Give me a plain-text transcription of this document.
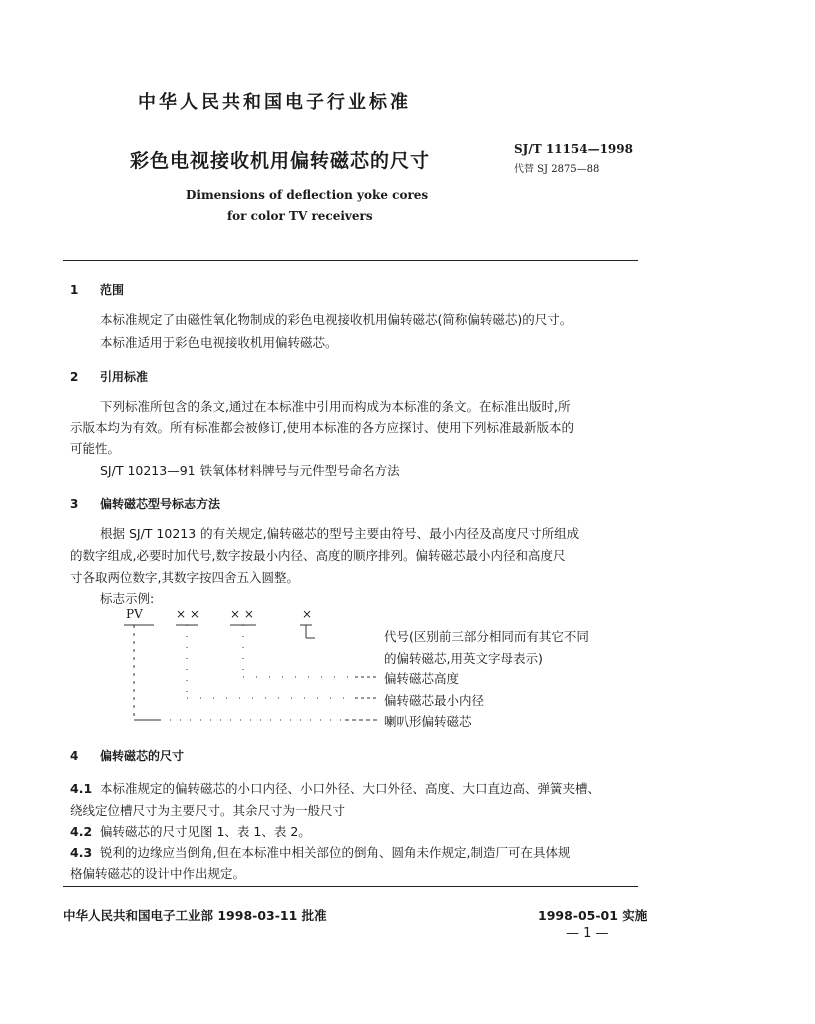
中华人民共和国电子行业标准
彩色电视接收机用偏转磁芯的尺寸
SJ/T 11154—1998
代替 SJ 2875—88
Dimensions of deflection yoke cores
for color TV receivers
1 范围
本标准规定了由磁性氧化物制成的彩色电视接收机用偏转磁芯(简称偏转磁芯)的尺寸。
本标准适用于彩色电视接收机用偏转磁芯。
2 引用标准
下列标准所包含的条文,通过在本标准中引用而构成为本标准的条文。在标准出版时,所
示版本均为有效。所有标准都会被修订,使用本标准的各方应探讨、使用下列标准最新版本的
可能性。
SJ/T 10213—91 铁氧体材料牌号与元件型号命名方法
3 偏转磁芯型号标志方法
根据 SJ/T 10213 的有关规定,偏转磁芯的型号主要由符号、最小内径及高度尺寸所组成
的数字组成,必要时加代号,数字按最小内径、高度的顺序排列。偏转磁芯最小内径和高度尺
寸各取两位数字,其数字按四舍五入圆整。
标志示例:
PV	× ×	× ×	×
代号(区别前三部分相同而有其它不同
的偏转磁芯,用英文字母表示)
偏转磁芯高度
偏转磁芯最小内径
喇叭形偏转磁芯
4 偏转磁芯的尺寸
4.1 本标准规定的偏转磁芯的小口内径、小口外径、大口外径、高度、大口直边高、弹簧夹槽、
绕线定位槽尺寸为主要尺寸。其余尺寸为一般尺寸
4.2 偏转磁芯的尺寸见图 1、表 1、表 2。
4.3 锐利的边缘应当倒角,但在本标准中相关部位的倒角、圆角未作规定,制造厂可在具体规
格偏转磁芯的设计中作出规定。
中华人民共和国电子工业部 1998-03-11 批准	1998-05-01 实施
— 1 —
